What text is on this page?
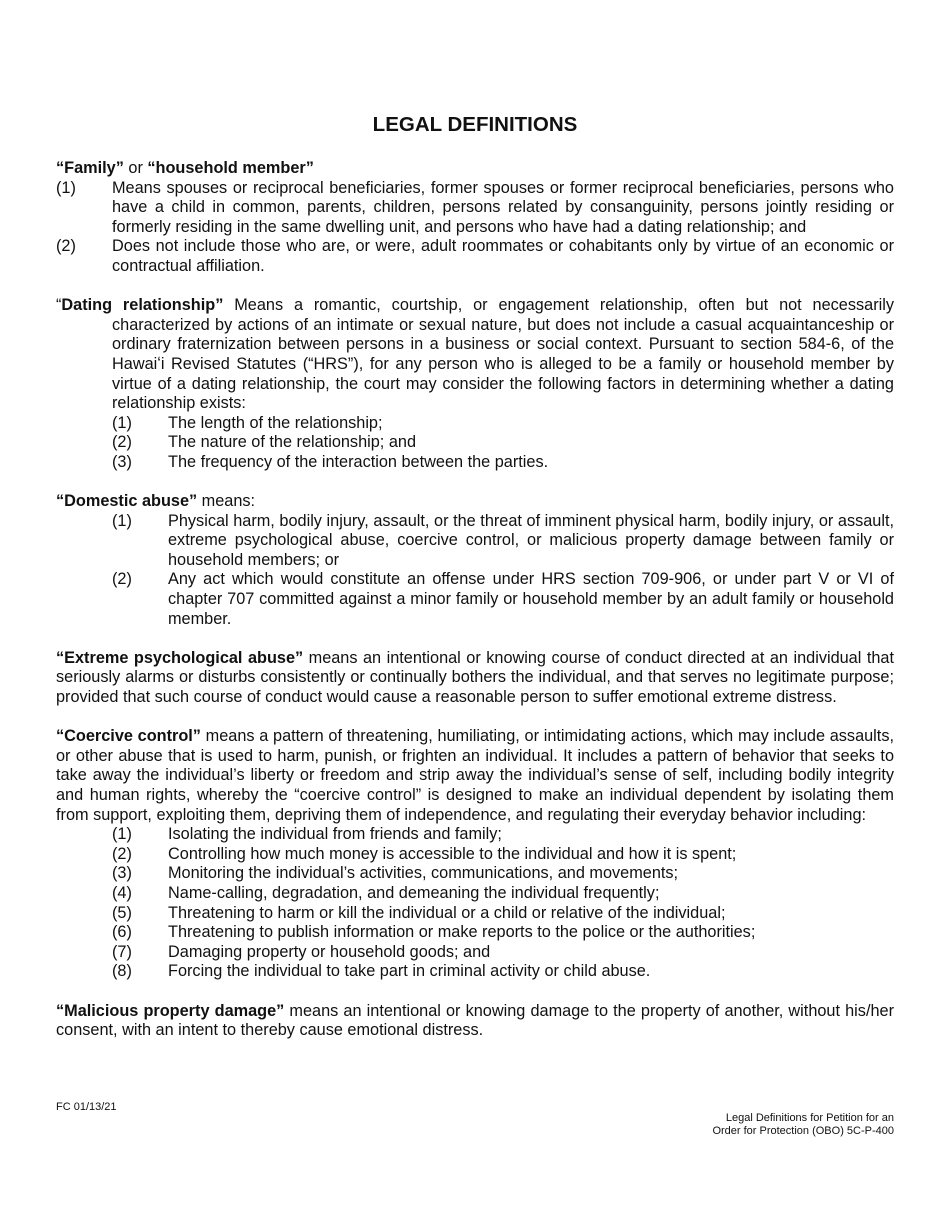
LEGAL DEFINITIONS
“Family” or “household member”
(1)	Means spouses or reciprocal beneficiaries, former spouses or former reciprocal beneficiaries, persons who have a child in common, parents, children, persons related by consanguinity, persons jointly residing or formerly residing in the same dwelling unit, and persons who have had a dating relationship; and
(2)	Does not include those who are, or were, adult roommates or cohabitants only by virtue of an economic or contractual affiliation.

“Dating relationship” Means a romantic, courtship, or engagement relationship, often but not necessarily characterized by actions of an intimate or sexual nature, but does not include a casual acquaintanceship or ordinary fraternization between persons in a business or social context. Pursuant to section 584-6, of the Hawaiʻi Revised Statutes (“HRS”), for any person who is alleged to be a family or household member by virtue of a dating relationship, the court may consider the following factors in determining whether a dating relationship exists:

(1)	The length of the relationship;
(2)	The nature of the relationship; and
(3)	The frequency of the interaction between the parties.
“Domestic abuse” means:
(1)	Physical harm, bodily injury, assault, or the threat of imminent physical harm, bodily injury, or assault, extreme psychological abuse, coercive control, or malicious property damage between family or household members; or
(2)	Any act which would constitute an offense under HRS section 709-906, or under part V or VI of chapter 707 committed against a minor family or household member by an adult family or household member.

“Extreme psychological abuse” means an intentional or knowing course of conduct directed at an individual that seriously alarms or disturbs consistently or continually bothers the individual, and that serves no legitimate purpose; provided that such course of conduct would cause a reasonable person to suffer emotional extreme distress.

“Coercive control” means a pattern of threatening, humiliating, or intimidating actions, which may include assaults, or other abuse that is used to harm, punish, or frighten an individual. It includes a pattern of behavior that seeks to take away the individual’s liberty or freedom and strip away the individual’s sense of self, including bodily integrity and human rights, whereby the “coercive control” is designed to make an individual dependent by isolating them from support, exploiting them, depriving them of independence, and regulating their everyday behavior including:

(1)	Isolating the individual from friends and family;
(2)	Controlling how much money is accessible to the individual and how it is spent;
(3)	Monitoring the individual’s activities, communications, and movements;
(4)	Name-calling, degradation, and demeaning the individual frequently;
(5)	Threatening to harm or kill the individual or a child or relative of the individual;
(6)	Threatening to publish information or make reports to the police or the authorities;
(7)	Damaging property or household goods; and
(8)	Forcing the individual to take part in criminal activity or child abuse.

“Malicious property damage” means an intentional or knowing damage to the property of another, without his/her consent, with an intent to thereby cause emotional distress.

FC 01/13/21
Legal Definitions for Petition for an
Order for Protection (OBO) 5C-P-400
